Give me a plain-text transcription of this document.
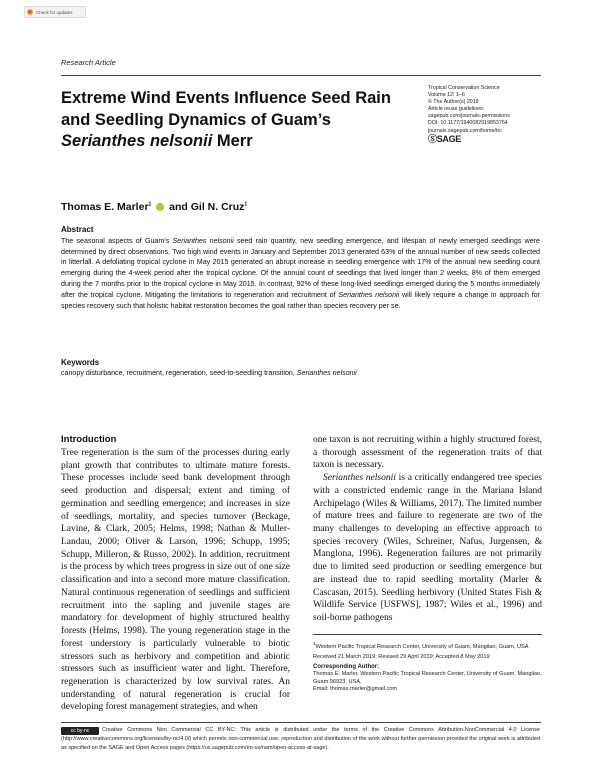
Check for updates
Research Article
Extreme Wind Events Influence Seed Rain and Seedling Dynamics of Guam’s Serianthes nelsonii Merr
Tropical Conservation Science
Volume 12: 1–6
© The Author(s) 2019
Article reuse guidelines:
sagepub.com/journals-permissions
DOI: 10.1177/1940082919853764
journals.sagepub.com/home/trc
ⓈSAGE
Thomas E. Marler$^1$ and Gil N. Cruz$^1$
Abstract
The seasonal aspects of Guam’s Serianthes nelsonii seed rain quantity, new seedling emergence, and lifespan of newly emerged seedlings were determined by direct observations. Two high wind events in January and September 2013 generated 63% of the annual number of new seeds collected in litterfall. A defoliating tropical cyclone in May 2015 generated an abrupt increase in seedling emergence with 17% of the annual new seedling count emerging during the 4-week period after the tropical cyclone. Of the annual count of seedlings that lived longer than 2 weeks, 8% of them emerged during the 7 months prior to the tropical cyclone in May 2015. In contrast, 92% of these long-lived seedlings emerged during the 5 months immediately after the tropical cyclone. Mitigating the limitations to regeneration and recruitment of Serianthes nelsonii will likely require a change in approach for species recovery such that holistic habitat restoration becomes the goal rather than species recovery per se.
Keywords
canopy disturbance, recruitment, regeneration, seed-to-seedling transition, Serianthes nelsonii
Introduction

Tree regeneration is the sum of the processes during early plant growth that contributes to ultimate mature forests. These processes include seed bank development through seed production and dispersal; extent and timing of germination and seedling emergence; and increases in size of seedlings, mortality, and species turnover (Beckage, Lavine, & Clark, 2005; Helms, 1998; Nathan & Muller-Landau, 2000; Oliver & Larson, 1996; Schupp, 1995; Schupp, Milleron, & Russo, 2002). In addition, recruitment is the process by which trees progress in size out of one size classification and into a second more mature classification. Natural continuous regeneration of seedlings and sufficient recruitment into the sapling and juvenile stages are mandatory for development of highly structured healthy forests (Helms, 1998). The young regeneration stage in the forest understory is particularly vulnerable to biotic stressors such as herbivory and competition and abiotic stressors such as insufficient water and light. Therefore, regeneration is characterized by low survival rates. An understanding of natural regeneration is crucial for developing forest management strategies, and when

one taxon is not recruiting within a highly structured forest, a thorough assessment of the regeneration traits of that taxon is necessary.

Serianthes nelsonii is a critically endangered tree species with a constricted endemic range in the Mariana Island Archipelago (Wiles & Williams, 2017). The limited number of mature trees and failure to regenerate are two of the many challenges to developing an effective approach to species recovery (Wiles, Schreiner, Nafus, Jurgensen, & Manglona, 1996). Regeneration failures are not primarily due to limited seed production or seedling emergence but are instead due to rapid seedling mortality (Marler & Cascasan, 2015). Seedling herbivory (United States Fish & Wildlife Service [USFWS], 1987; Wiles et al., 1996) and soil-borne pathogens

$^1$Western Pacific Tropical Research Center, University of Guam, Mangilao, Guam, USA

Received 21 March 2019; Revised 29 April 2019; Accepted 8 May 2019

Corresponding Author:
Thomas E. Marler, Western Pacific Tropical Research Center, University of Guam, Mangilao, Guam 96923, USA.
Email: thomas.marler@gmail.com
cc by-nc Creative Commons Non Commercial CC BY-NC: This article is distributed under the terms of the Creative Commons Attribution-NonCommercial 4.0 License (http://www.creativecommons.org/licenses/by-nc/4.0/) which permits non-commercial use, reproduction and distribution of the work without further permission provided the original work is attributed as specified on the SAGE and Open Access pages (https://us.sagepub.com/en-us/nam/open-access-at-sage).
